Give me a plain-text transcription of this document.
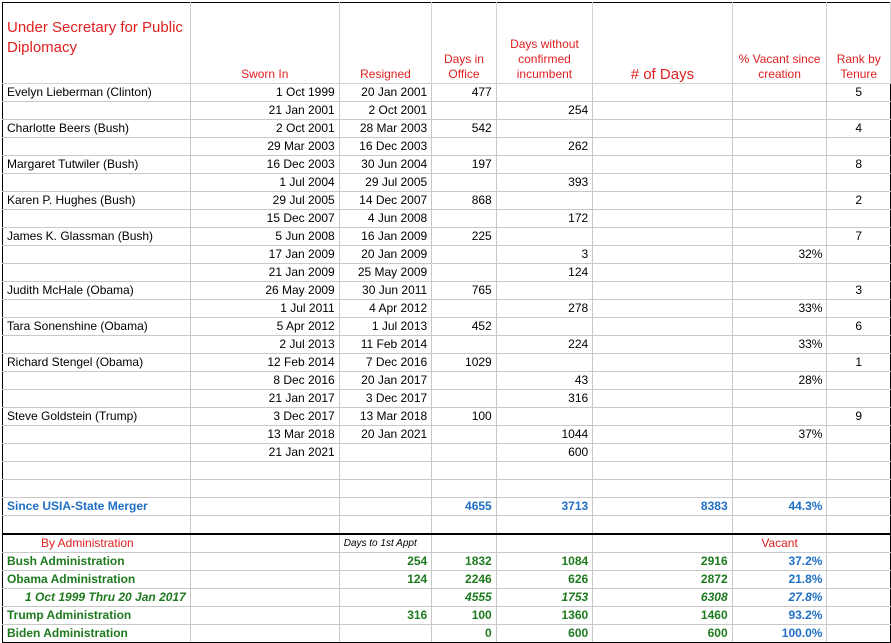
Under Secretary for Public Diplomacy	Sworn In	Resigned	Days in Office	Days without confirmed incumbent	# of Days	% Vacant since creation	Rank by Tenure
Evelyn Lieberman (Clinton)	1 Oct 1999	20 Jan 2001	477				5
	21 Jan 2001	2 Oct 2001		254			
Charlotte Beers (Bush)	2 Oct 2001	28 Mar 2003	542				4
	29 Mar 2003	16 Dec 2003		262			
Margaret Tutwiler (Bush)	16 Dec 2003	30 Jun 2004	197				8
	1 Jul 2004	29 Jul 2005		393			
Karen P. Hughes (Bush)	29 Jul 2005	14 Dec 2007	868				2
	15 Dec 2007	4 Jun 2008		172			
James K. Glassman (Bush)	5 Jun 2008	16 Jan 2009	225				7
	17 Jan 2009	20 Jan 2009		3		32%	
	21 Jan 2009	25 May 2009		124			
Judith McHale (Obama)	26 May 2009	30 Jun 2011	765				3
	1 Jul 2011	4 Apr 2012		278		33%	
Tara Sonenshine (Obama)	5 Apr 2012	1 Jul 2013	452				6
	2 Jul 2013	11 Feb 2014		224		33%	
Richard Stengel (Obama)	12 Feb 2014	7 Dec 2016	1029				1
	8 Dec 2016	20 Jan 2017		43		28%	
	21 Jan 2017	3 Dec 2017		316			
Steve Goldstein (Trump)	3 Dec 2017	13 Mar 2018	100				9
	13 Mar 2018	20 Jan 2021		1044		37%	
	21 Jan 2021			600			

Since USIA-State Merger			4655	3713	8383	44.3%	

By Administration		Days to 1st Appt				Vacant	
Bush Administration		254	1832	1084	2916	37.2%	
Obama Administration		124	2246	626	2872	21.8%	
1 Oct 1999 Thru 20 Jan 2017			4555	1753	6308	27.8%	
Trump Administration		316	100	1360	1460	93.2%	
Biden Administration			0	600	600	100.0%	
